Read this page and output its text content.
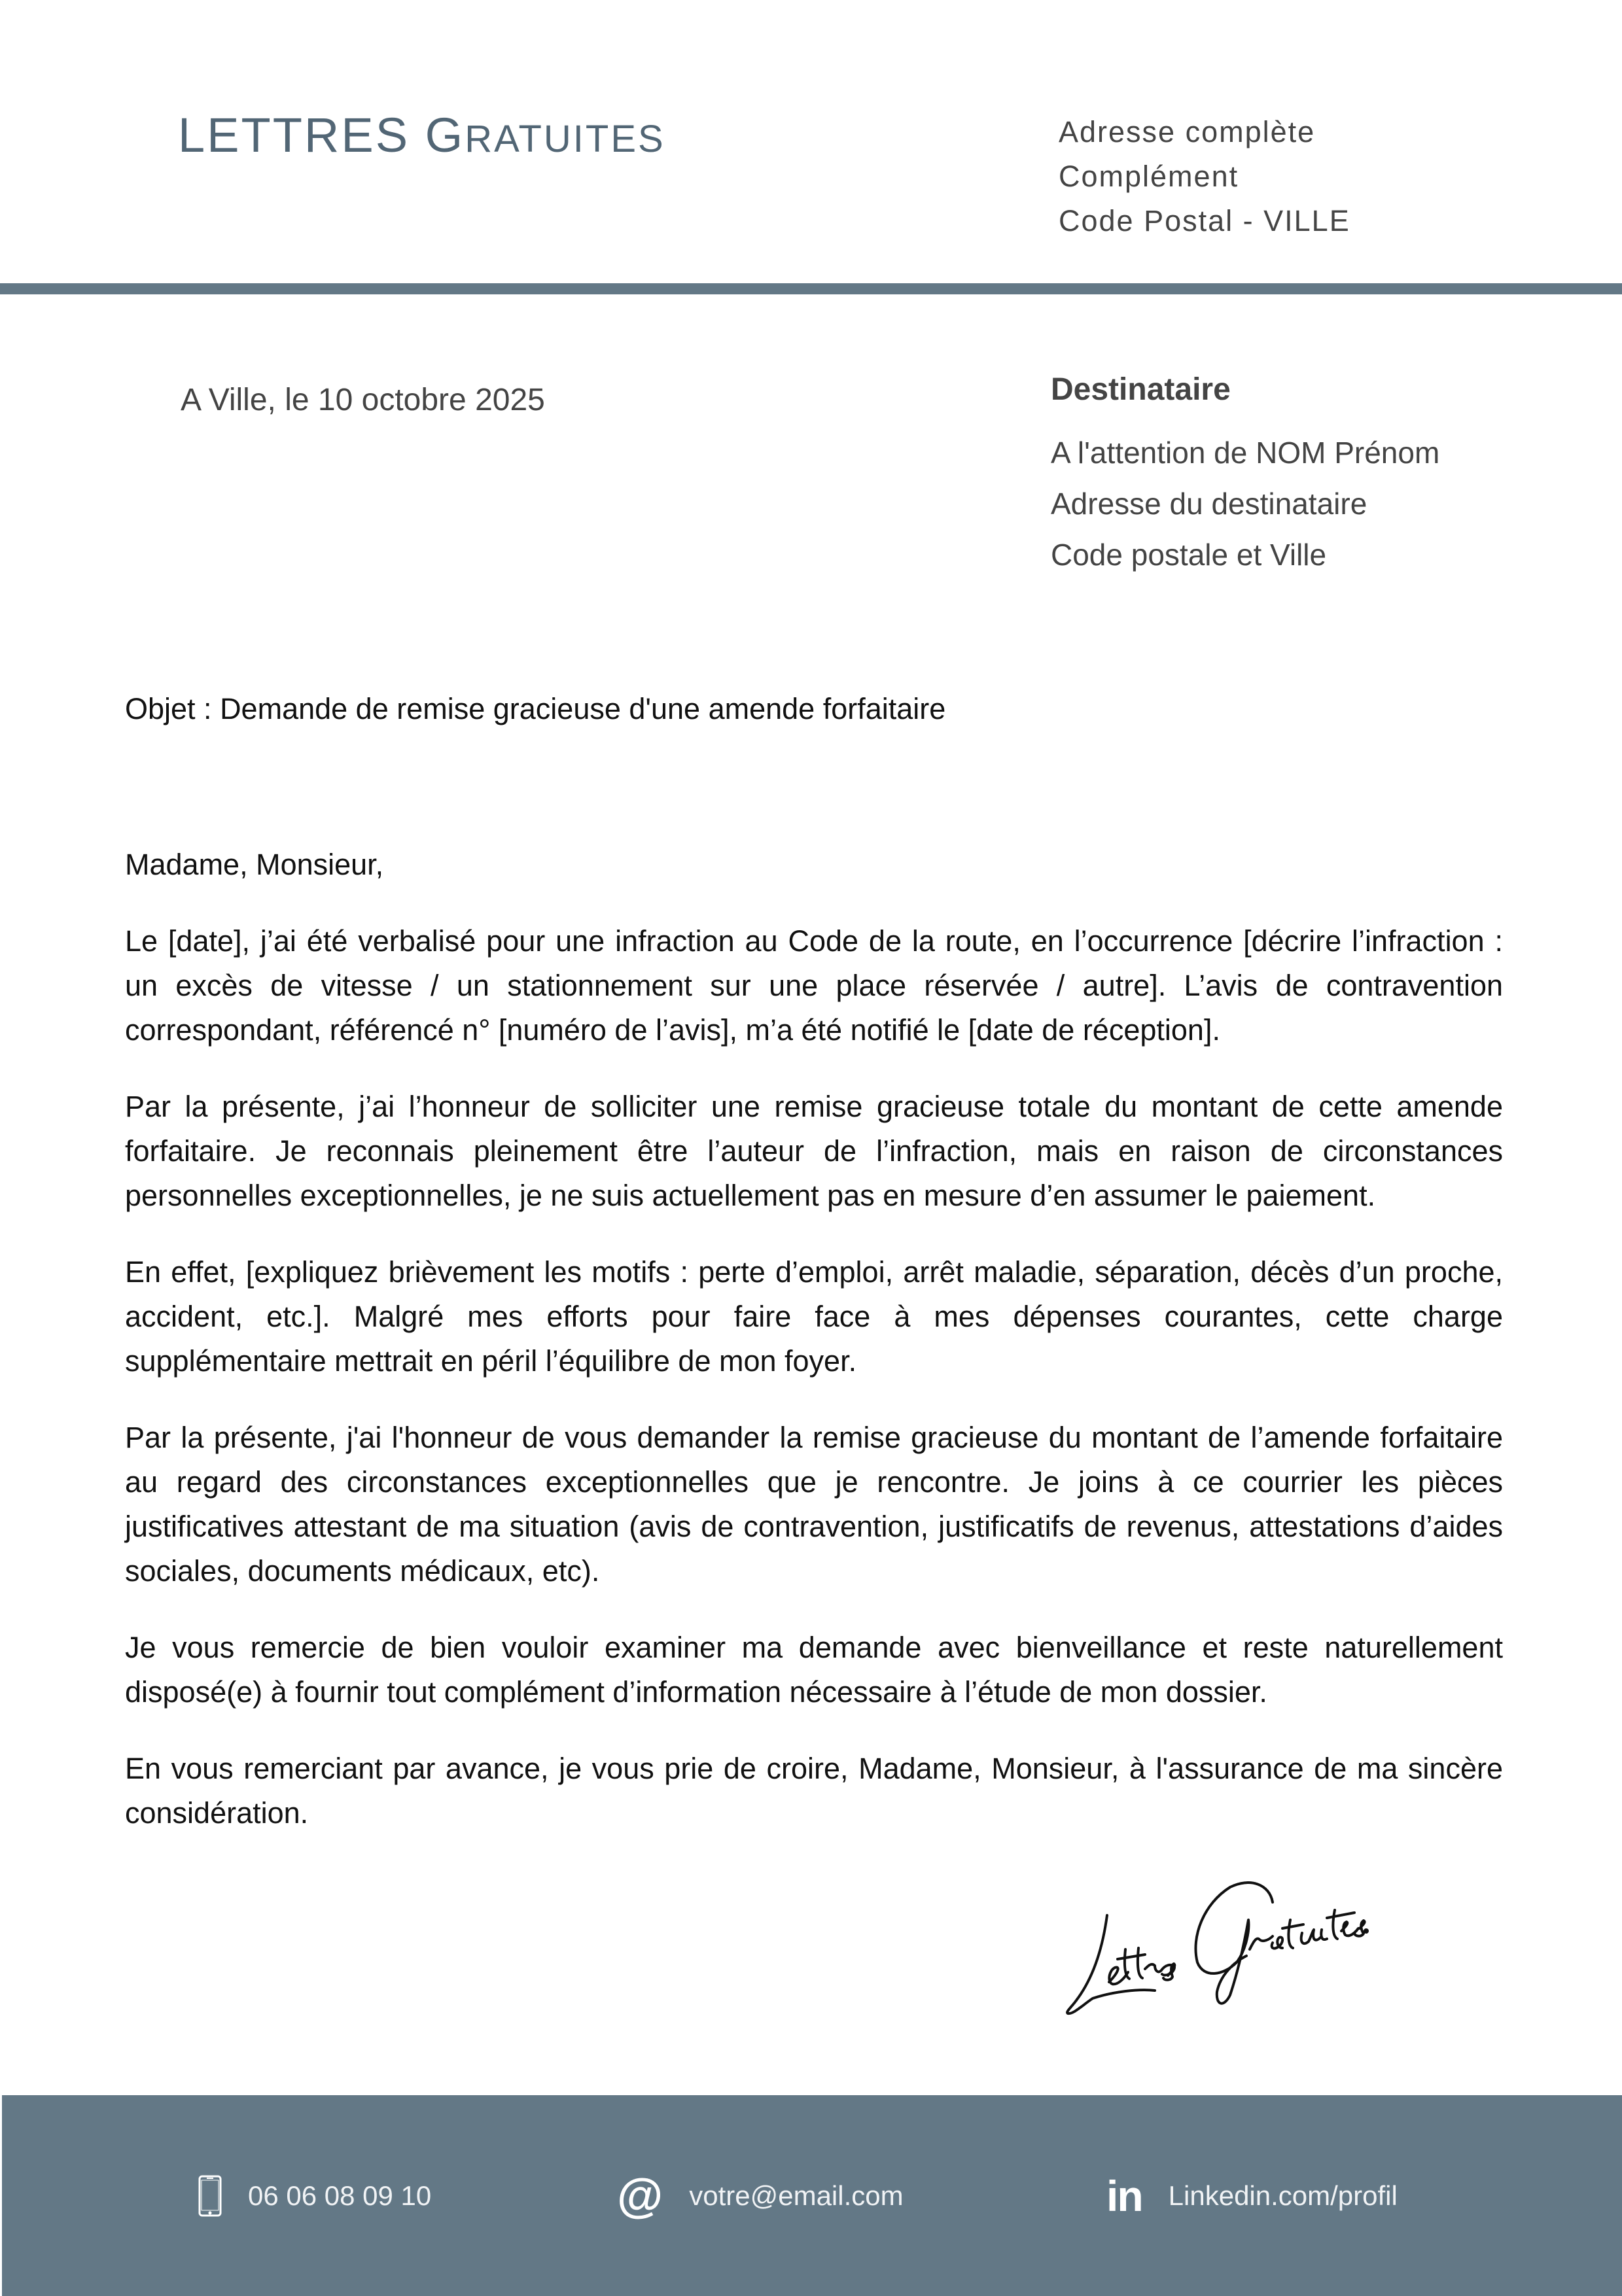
LETTRES GRATUITES	Adresse complète
Complément
Code Postal - VILLE
A Ville, le 10 octobre 2025	Destinataire
A l'attention de NOM Prénom
Adresse du destinataire
Code postale et Ville
Objet : Demande de remise gracieuse d'une amende forfaitaire

Madame, Monsieur,

Le [date], j’ai été verbalisé pour une infraction au Code de la route, en l’occurrence [décrire l’infraction : un excès de vitesse / un stationnement sur une place réservée / autre]. L’avis de contravention correspondant, référencé n° [numéro de l’avis], m’a été notifié le [date de réception].

Par la présente, j’ai l’honneur de solliciter une remise gracieuse totale du montant de cette amende forfaitaire. Je reconnais pleinement être l’auteur de l’infraction, mais en raison de circonstances personnelles exceptionnelles, je ne suis actuellement pas en mesure d’en assumer le paiement.

En effet, [expliquez brièvement les motifs : perte d’emploi, arrêt maladie, séparation, décès d’un proche, accident, etc.]. Malgré mes efforts pour faire face à mes dépenses courantes, cette charge supplémentaire mettrait en péril l’équilibre de mon foyer.

Par la présente, j'ai l'honneur de vous demander la remise gracieuse du montant de l’amende forfaitaire au regard des circonstances exceptionnelles que je rencontre. Je joins à ce courrier les pièces justificatives attestant de ma situation (avis de contravention, justificatifs de revenus, attestations d’aides sociales, documents médicaux, etc).

Je vous remercie de bien vouloir examiner ma demande avec bienveillance et reste naturellement disposé(e) à fournir tout complément d’information nécessaire à l’étude de mon dossier.

En vous remerciant par avance, je vous prie de croire, Madame, Monsieur, à l'assurance de ma sincère considération.

06 06 08 09 10	@ votre@email.com	in Linkedin.com/profil
